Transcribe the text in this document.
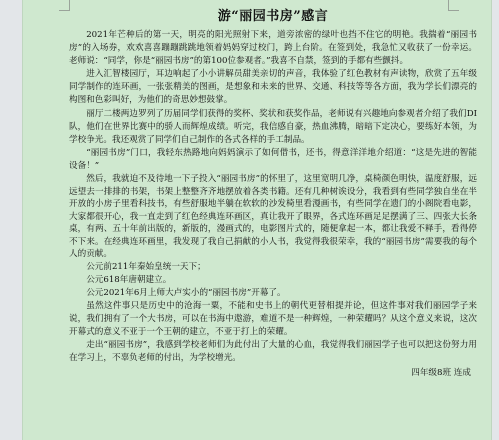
游“丽园书房”感言

2021年芒种后的第一天，明亮的阳光照射下来，道旁浓密的绿叶也挡不住它的明艳。我揣着“丽园书房”的入场券，欢欢喜喜蹦蹦跳跳地领着妈妈穿过校门，跨上台阶。在签到处，我急忙又收获了一份幸运。老师说：“同学，你是“丽园书房”的第100位参观者。”我喜不自禁，签到的手都有些颤抖。

进入汇智楼园厅，耳边响起了小小讲解员甜美亲切的声音，我体验了红色教材有声读物，欣赏了五年级同学制作的连环画，一张张精美的图画，是想象和未来的世界、交通、科技等等各方面，我为学长们漂亮的构图和色彩叫好，为他们的奇思妙想鼓掌。

丽厅二楼两边罗列了历届同学们获得的奖杯、奖状和获奖作品，老师说有兴趣地向参观者介绍了我们DI队，他们在世界比赛中的骄人而辉煌成绩。听完，我信感自豪，热血沸腾，暗暗下定决心，要练好本领，为学校争光。我还观赏了同学们自己制作的各式各样的手工制品。

“丽园书房”门口，我轻东热路地向妈妈演示了如何借书，还书，得意洋洋地介绍道：“这是先进的智能设备！”

然后，我就迫不及待地一下子投入“丽园书房”的怀里了，这里宽明几净，桌椅颜色明快，温度舒服，远远望去一排排的书架，书架上整整齐齐地摆放着各类书籍。还有几种树诶设分，我看到有些同学独自坐在半开放的小房子里看科技书，有些舒服地半躺在软软的沙发椅里看漫画书，有些同学在遗门的小阁院看电影，大家都很开心，我一直走到了红色经典连环画区，真让我开了眼界，各式连环画足足摆满了三、四张大长条桌，有两、五十年前出版的，新版的，漫画式的，电影图片式的，随便拿起一本，都让我爱不释手，看得停不下来。在经典连环画里，我发现了我自己捐献的小人书，我觉得我很荣幸，我的“丽园书房”需要我的每个人的贡献。

公元前211年秦始皇统一天下；

公元618年唐朝建立。

公元2021年6月上师大卢实小的“丽园书房”开幕了。

虽然这件事只是历史中的沧海一粟，不能和史书上的朝代更替相提并论，但这件事对我们丽园学子来说，我们拥有了一个大书房，可以在书海中遨游，难道不是一种辉煌，一种荣耀吗？从这个意义来说，这次开幕式的意义不亚于一个王朝的建立，不亚于打上的荣耀。

走出“丽园书房”，我感到学校老师们为此付出了大量的心血，我觉得我们丽园学子也可以把这份努力用在学习上，不辜负老师的付出，为学校增光。

四年级8班 连成
